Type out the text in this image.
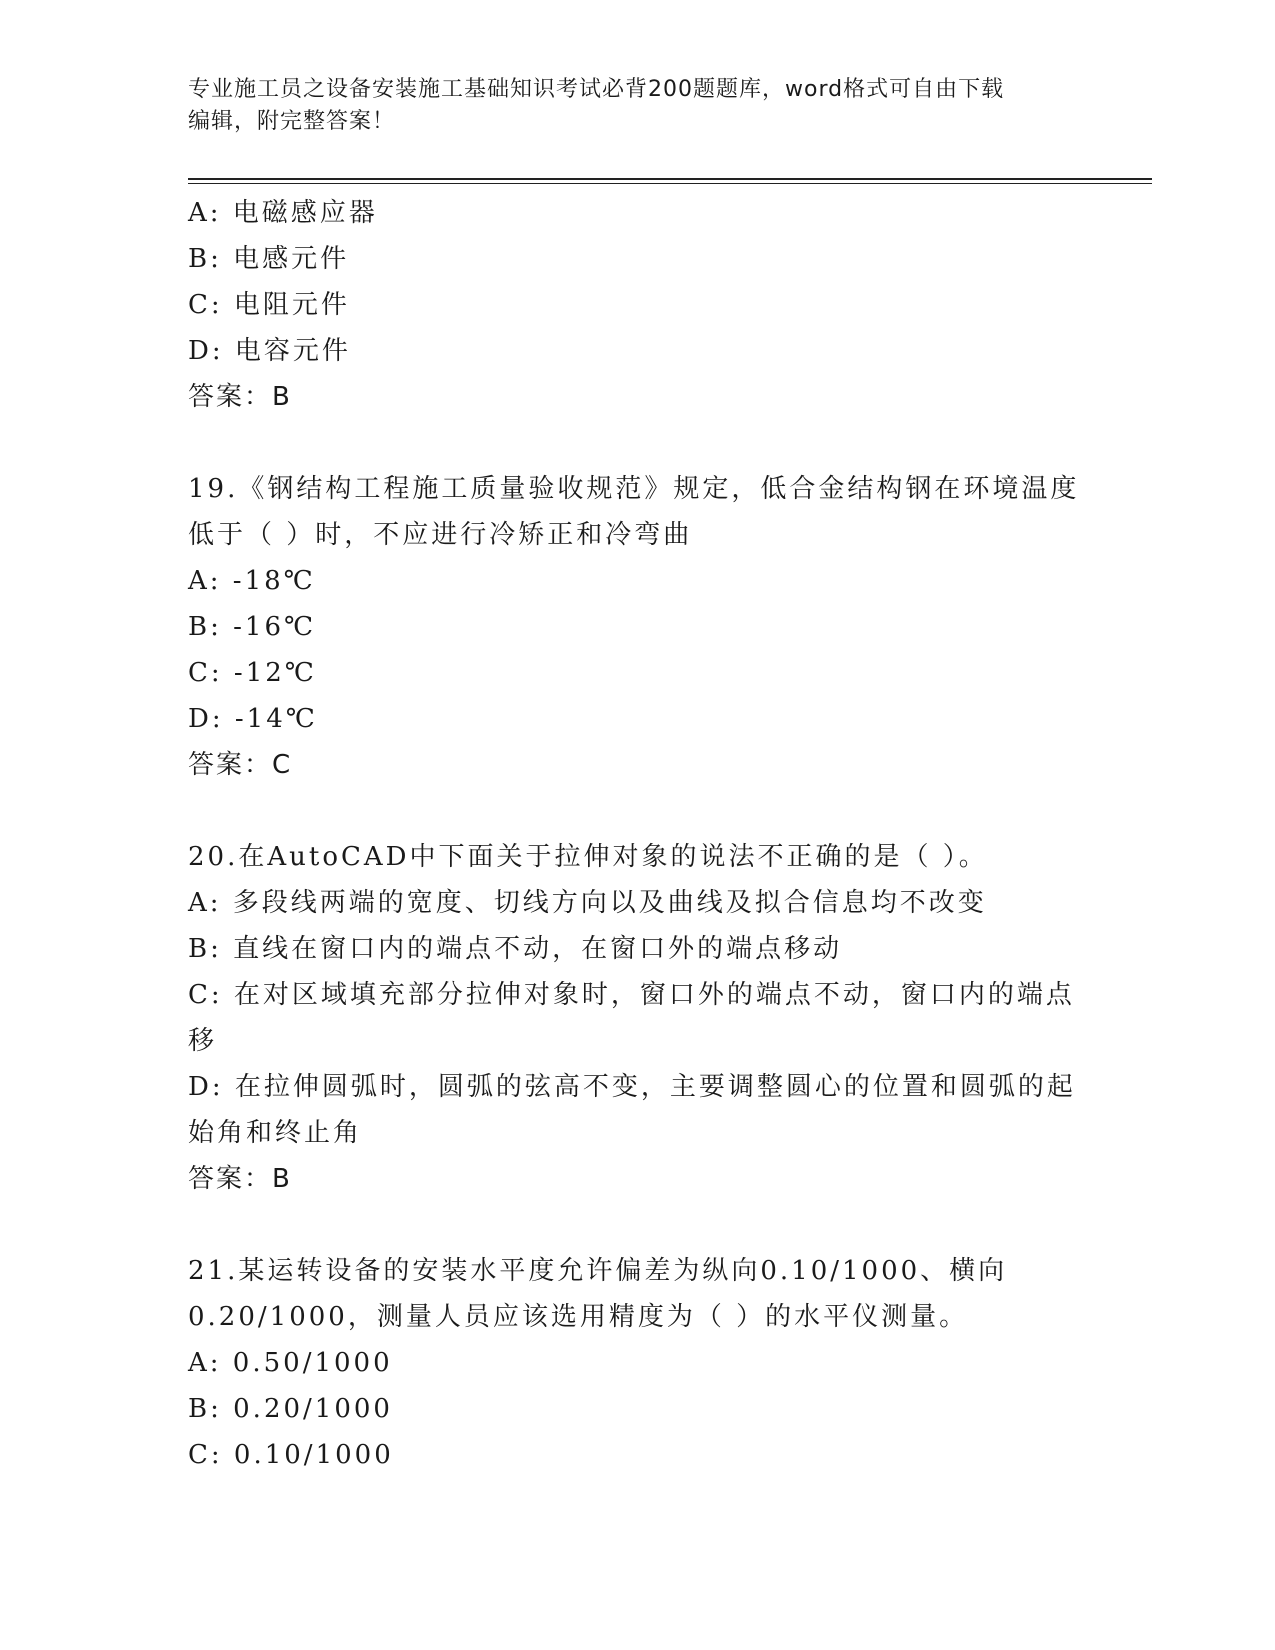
专业施工员之设备安装施工基础知识考试必背200题题库，word格式可自由下载
编辑，附完整答案！
A: 电磁感应器
B: 电感元件
C: 电阻元件
D: 电容元件
答案：B
19.《钢结构工程施工质量验收规范》规定，低合金结构钢在环境温度
低于（ ）时，不应进行冷矫正和冷弯曲
A: -18℃
B: -16℃
C: -12℃
D: -14℃
答案：C
20.在AutoCAD中下面关于拉伸对象的说法不正确的是（ ）。
A: 多段线两端的宽度、切线方向以及曲线及拟合信息均不改变
B: 直线在窗口内的端点不动，在窗口外的端点移动
C: 在对区域填充部分拉伸对象时，窗口外的端点不动，窗口内的端点
移
D: 在拉伸圆弧时，圆弧的弦高不变，主要调整圆心的位置和圆弧的起
始角和终止角
答案：B
21.某运转设备的安装水平度允许偏差为纵向0.10/1000、横向
0.20/1000，测量人员应该选用精度为（ ）的水平仪测量。
A: 0.50/1000
B: 0.20/1000
C: 0.10/1000
